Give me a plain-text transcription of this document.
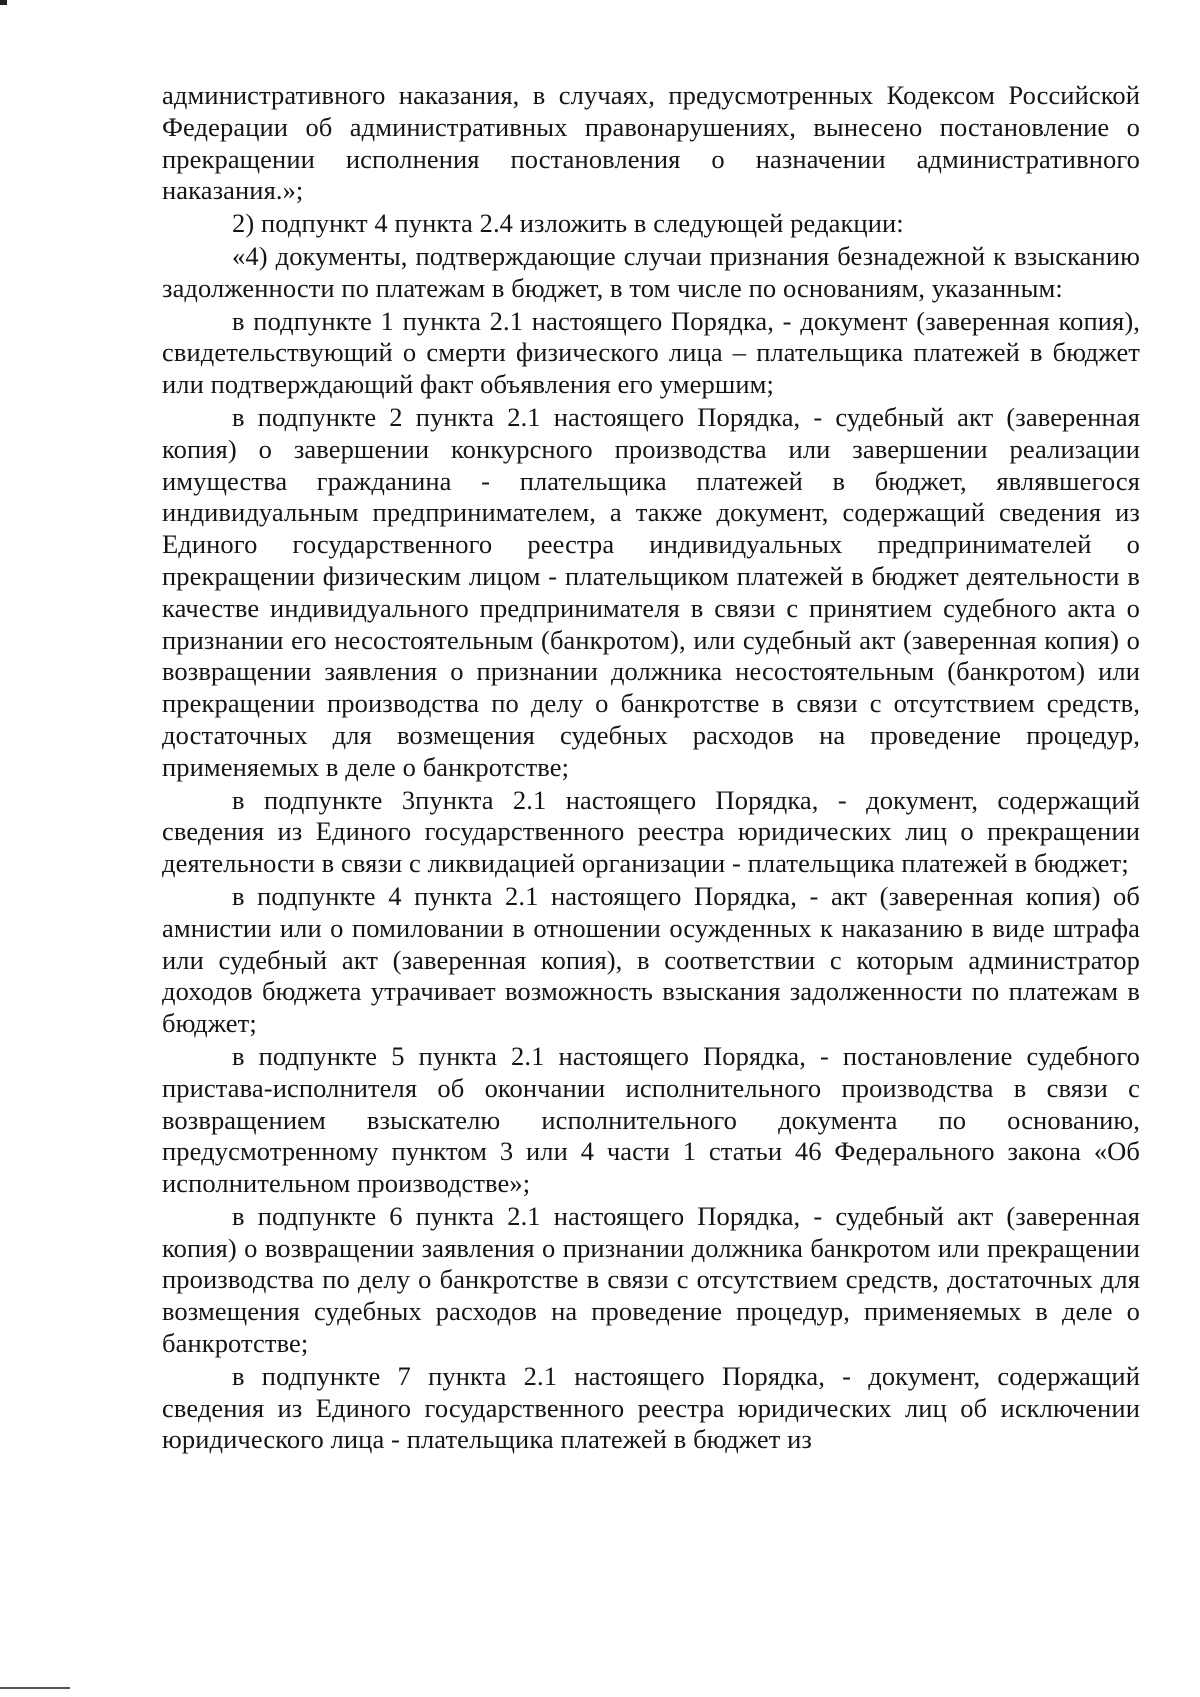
административного наказания, в случаях, предусмотренных Кодексом Российской Федерации об административных правонарушениях, вынесено постановление о прекращении исполнения постановления о назначении административного наказания.»;

2) подпункт 4 пункта 2.4 изложить в следующей редакции:

«4) документы, подтверждающие случаи признания безнадежной к взысканию задолженности по платежам в бюджет, в том числе по основаниям, указанным:

в подпункте 1 пункта 2.1 настоящего Порядка, - документ (заверенная копия), свидетельствующий о смерти физического лица – плательщика платежей в бюджет или подтверждающий факт объявления его умершим;

в подпункте 2 пункта 2.1 настоящего Порядка, - судебный акт (заверенная копия) о завершении конкурсного производства или завершении реализации имущества гражданина - плательщика платежей в бюджет, являвшегося индивидуальным предпринимателем, а также документ, содержащий сведения из Единого государственного реестра индивидуальных предпринимателей о прекращении физическим лицом - плательщиком платежей в бюджет деятельности в качестве индивидуального предпринимателя в связи с принятием судебного акта о признании его несостоятельным (банкротом), или судебный акт (заверенная копия) о возвращении заявления о признании должника несостоятельным (банкротом) или прекращении производства по делу о банкротстве в связи с отсутствием средств, достаточных для возмещения судебных расходов на проведение процедур, применяемых в деле о банкротстве;

в подпункте 3пункта 2.1 настоящего Порядка, - документ, содержащий сведения из Единого государственного реестра юридических лиц о прекращении деятельности в связи с ликвидацией организации - плательщика платежей в бюджет;

в подпункте 4 пункта 2.1 настоящего Порядка, - акт (заверенная копия) об амнистии или о помиловании в отношении осужденных к наказанию в виде штрафа или судебный акт (заверенная копия), в соответствии с которым администратор доходов бюджета утрачивает возможность взыскания задолженности по платежам в бюджет;

в подпункте 5 пункта 2.1 настоящего Порядка, - постановление судебного пристава-исполнителя об окончании исполнительного производства в связи с возвращением взыскателю исполнительного документа по основанию, предусмотренному пунктом 3 или 4 части 1 статьи 46 Федерального закона «Об исполнительном производстве»;

в подпункте 6 пункта 2.1 настоящего Порядка, - судебный акт (заверенная копия) о возвращении заявления о признании должника банкротом или прекращении производства по делу о банкротстве в связи с отсутствием средств, достаточных для возмещения судебных расходов на проведение процедур, применяемых в деле о банкротстве;

в подпункте 7 пункта 2.1 настоящего Порядка, - документ, содержащий сведения из Единого государственного реестра юридических лиц об исключении юридического лица - плательщика платежей в бюджет из
